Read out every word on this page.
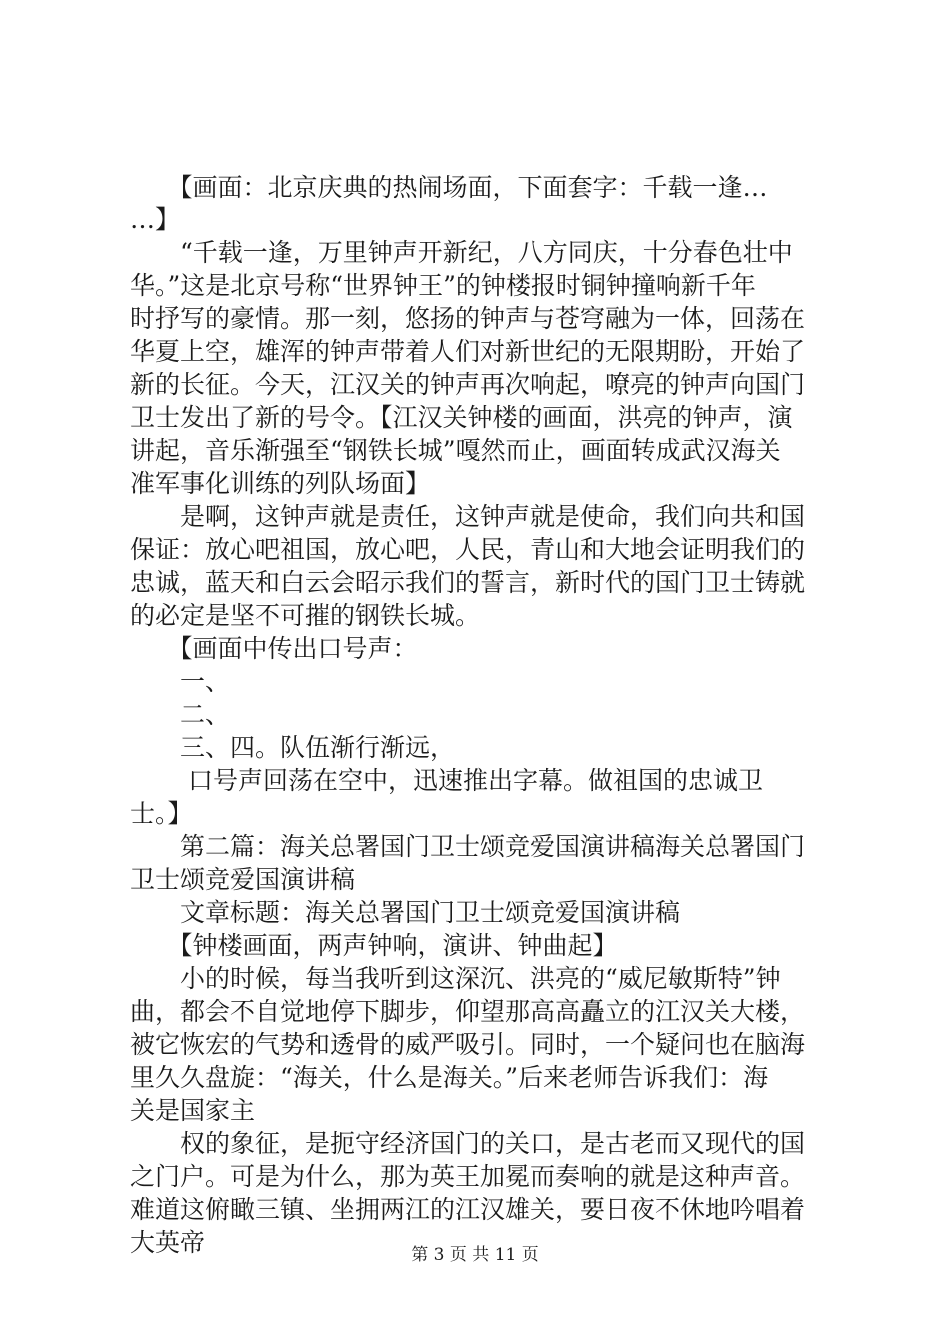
　　【画面：北京庆典的热闹场面，下面套字：千载一逢…
…】
　　“千载一逢，万里钟声开新纪，八方同庆，十分春色壮中
华。”这是北京号称“世界钟王”的钟楼报时铜钟撞响新千年
时抒写的豪情。那一刻，悠扬的钟声与苍穹融为一体，回荡在
华夏上空，雄浑的钟声带着人们对新世纪的无限期盼，开始了
新的长征。今天，江汉关的钟声再次响起，嘹亮的钟声向国门
卫士发出了新的号令。【江汉关钟楼的画面，洪亮的钟声，演
讲起，音乐渐强至“钢铁长城”嘎然而止，画面转成武汉海关
准军事化训练的列队场面】
　　是啊，这钟声就是责任，这钟声就是使命，我们向共和国
保证：放心吧祖国，放心吧，人民，青山和大地会证明我们的
忠诚，蓝天和白云会昭示我们的誓言，新时代的国门卫士铸就
的必定是坚不可摧的钢铁长城。
　　【画面中传出口号声：
　　一、
　　二、
　　三、四。队伍渐行渐远，
　　 口号声回荡在空中，迅速推出字幕。做祖国的忠诚卫
士。】
　　第二篇：海关总署国门卫士颂竞爱国演讲稿海关总署国门
卫士颂竞爱国演讲稿
　　文章标题：海关总署国门卫士颂竞爱国演讲稿
　　【钟楼画面，两声钟响，演讲、钟曲起】
　　小的时候，每当我听到这深沉、洪亮的“威尼敏斯特”钟
曲，都会不自觉地停下脚步，仰望那高高矗立的江汉关大楼，
被它恢宏的气势和透骨的威严吸引。同时，一个疑问也在脑海
里久久盘旋：“海关，什么是海关。”后来老师告诉我们：海
关是国家主
　　权的象征，是扼守经济国门的关口，是古老而又现代的国
之门户。可是为什么，那为英王加冕而奏响的就是这种声音。
难道这俯瞰三镇、坐拥两江的江汉雄关，要日夜不休地吟唱着
大英帝	第 3 页 共 11 页
